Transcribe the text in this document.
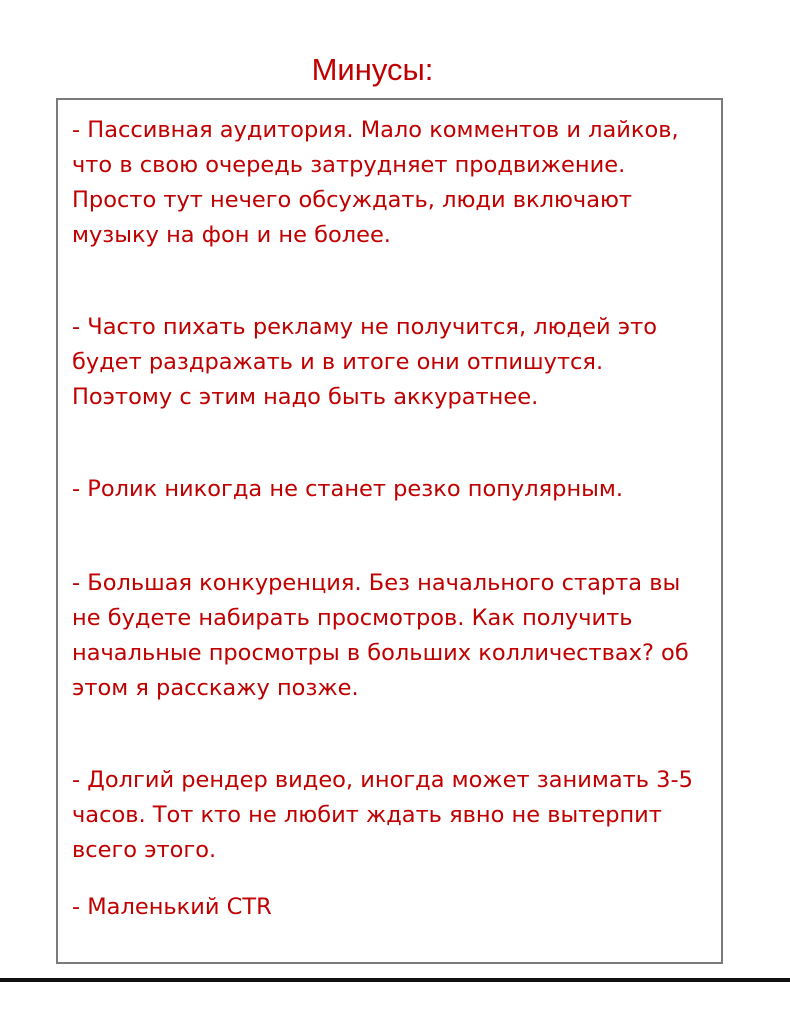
Минусы:

- Пассивная аудитория. Мало комментов и лайков, что в свою очередь затрудняет продвижение. Просто тут нечего обсуждать, люди включают музыку на фон и не более.

- Часто пихать рекламу не получится, людей это будет раздражать и в итоге они отпишутся. Поэтому с этим надо быть аккуратнее.

- Ролик никогда не станет резко популярным.

- Большая конкуренция. Без начального старта вы не будете набирать просмотров. Как получить начальные просмотры в больших колличествах? об этом я расскажу позже.

- Долгий рендер видео, иногда может занимать 3-5 часов. Тот кто не любит ждать явно не вытерпит всего этого.

- Маленький CTR
